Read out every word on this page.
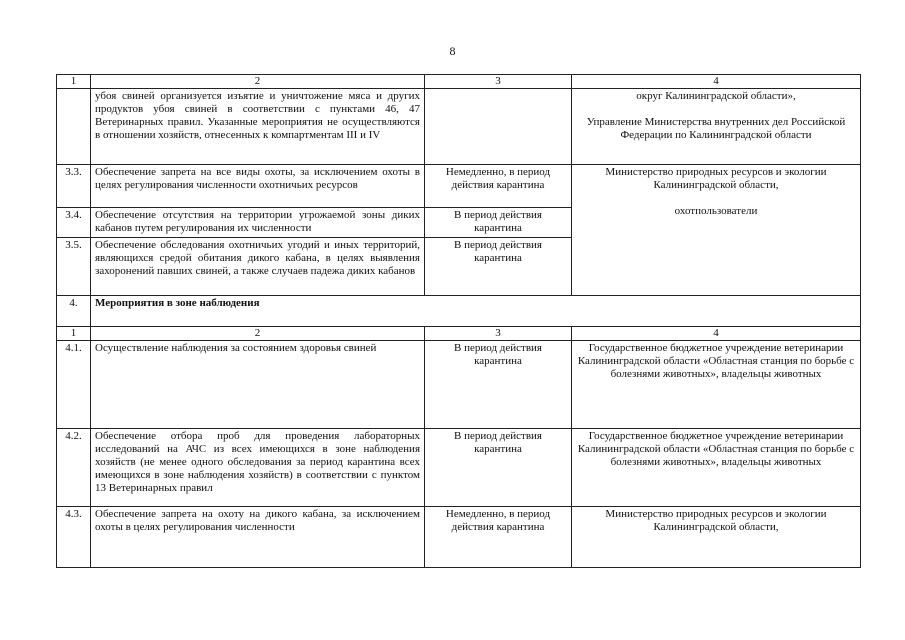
8
1	2	3	4
	убоя свиней организуется изъятие и уничтожение мяса и других продуктов убоя свиней в соответствии с пунктами 46, 47 Ветеринарных правил. Указанные мероприятия не осуществляются в отношении хозяйств, отнесенных к компартментам III и IV		округ Калининградской области»,
Управление Министерства внутренних дел Российской Федерации по Калининградской области

3.3.	Обеспечение запрета на все виды охоты, за исключением охоты в целях регулирования численности охотничьих ресурсов	Немедленно, в период действия карантина	Министерство природных ресурсов и экологии Калининградской области,
охотпользователи

3.4.	Обеспечение отсутствия на территории угрожаемой зоны диких кабанов путем регулирования их численности	В период действия карантина	
3.5.	Обеспечение обследования охотничьих угодий и иных территорий, являющихся средой обитания дикого кабана, в целях выявления захоронений павших свиней, а также случаев падежа диких кабанов	В период действия карантина	
4.	Мероприятия в зоне наблюдения		
1	2	3	4
4.1.	Осуществление наблюдения за состоянием здоровья свиней	В период действия карантина	Государственное бюджетное учреждение ветеринарии Калининградской области «Областная станция по борьбе с болезнями животных», владельцы животных
4.2.	Обеспечение отбора проб для проведения лабораторных исследований на АЧС из всех имеющихся в зоне наблюдения хозяйств (не менее одного обследования за период карантина всех имеющихся в зоне наблюдения хозяйств) в соответствии с пунктом 13 Ветеринарных правил	В период действия карантина	Государственное бюджетное учреждение ветеринарии Калининградской области «Областная станция по борьбе с болезнями животных», владельцы животных
4.3.	Обеспечение запрета на охоту на дикого кабана, за исключением охоты в целях регулирования численности	Немедленно, в период действия карантина	Министерство природных ресурсов и экологии Калининградской области,
